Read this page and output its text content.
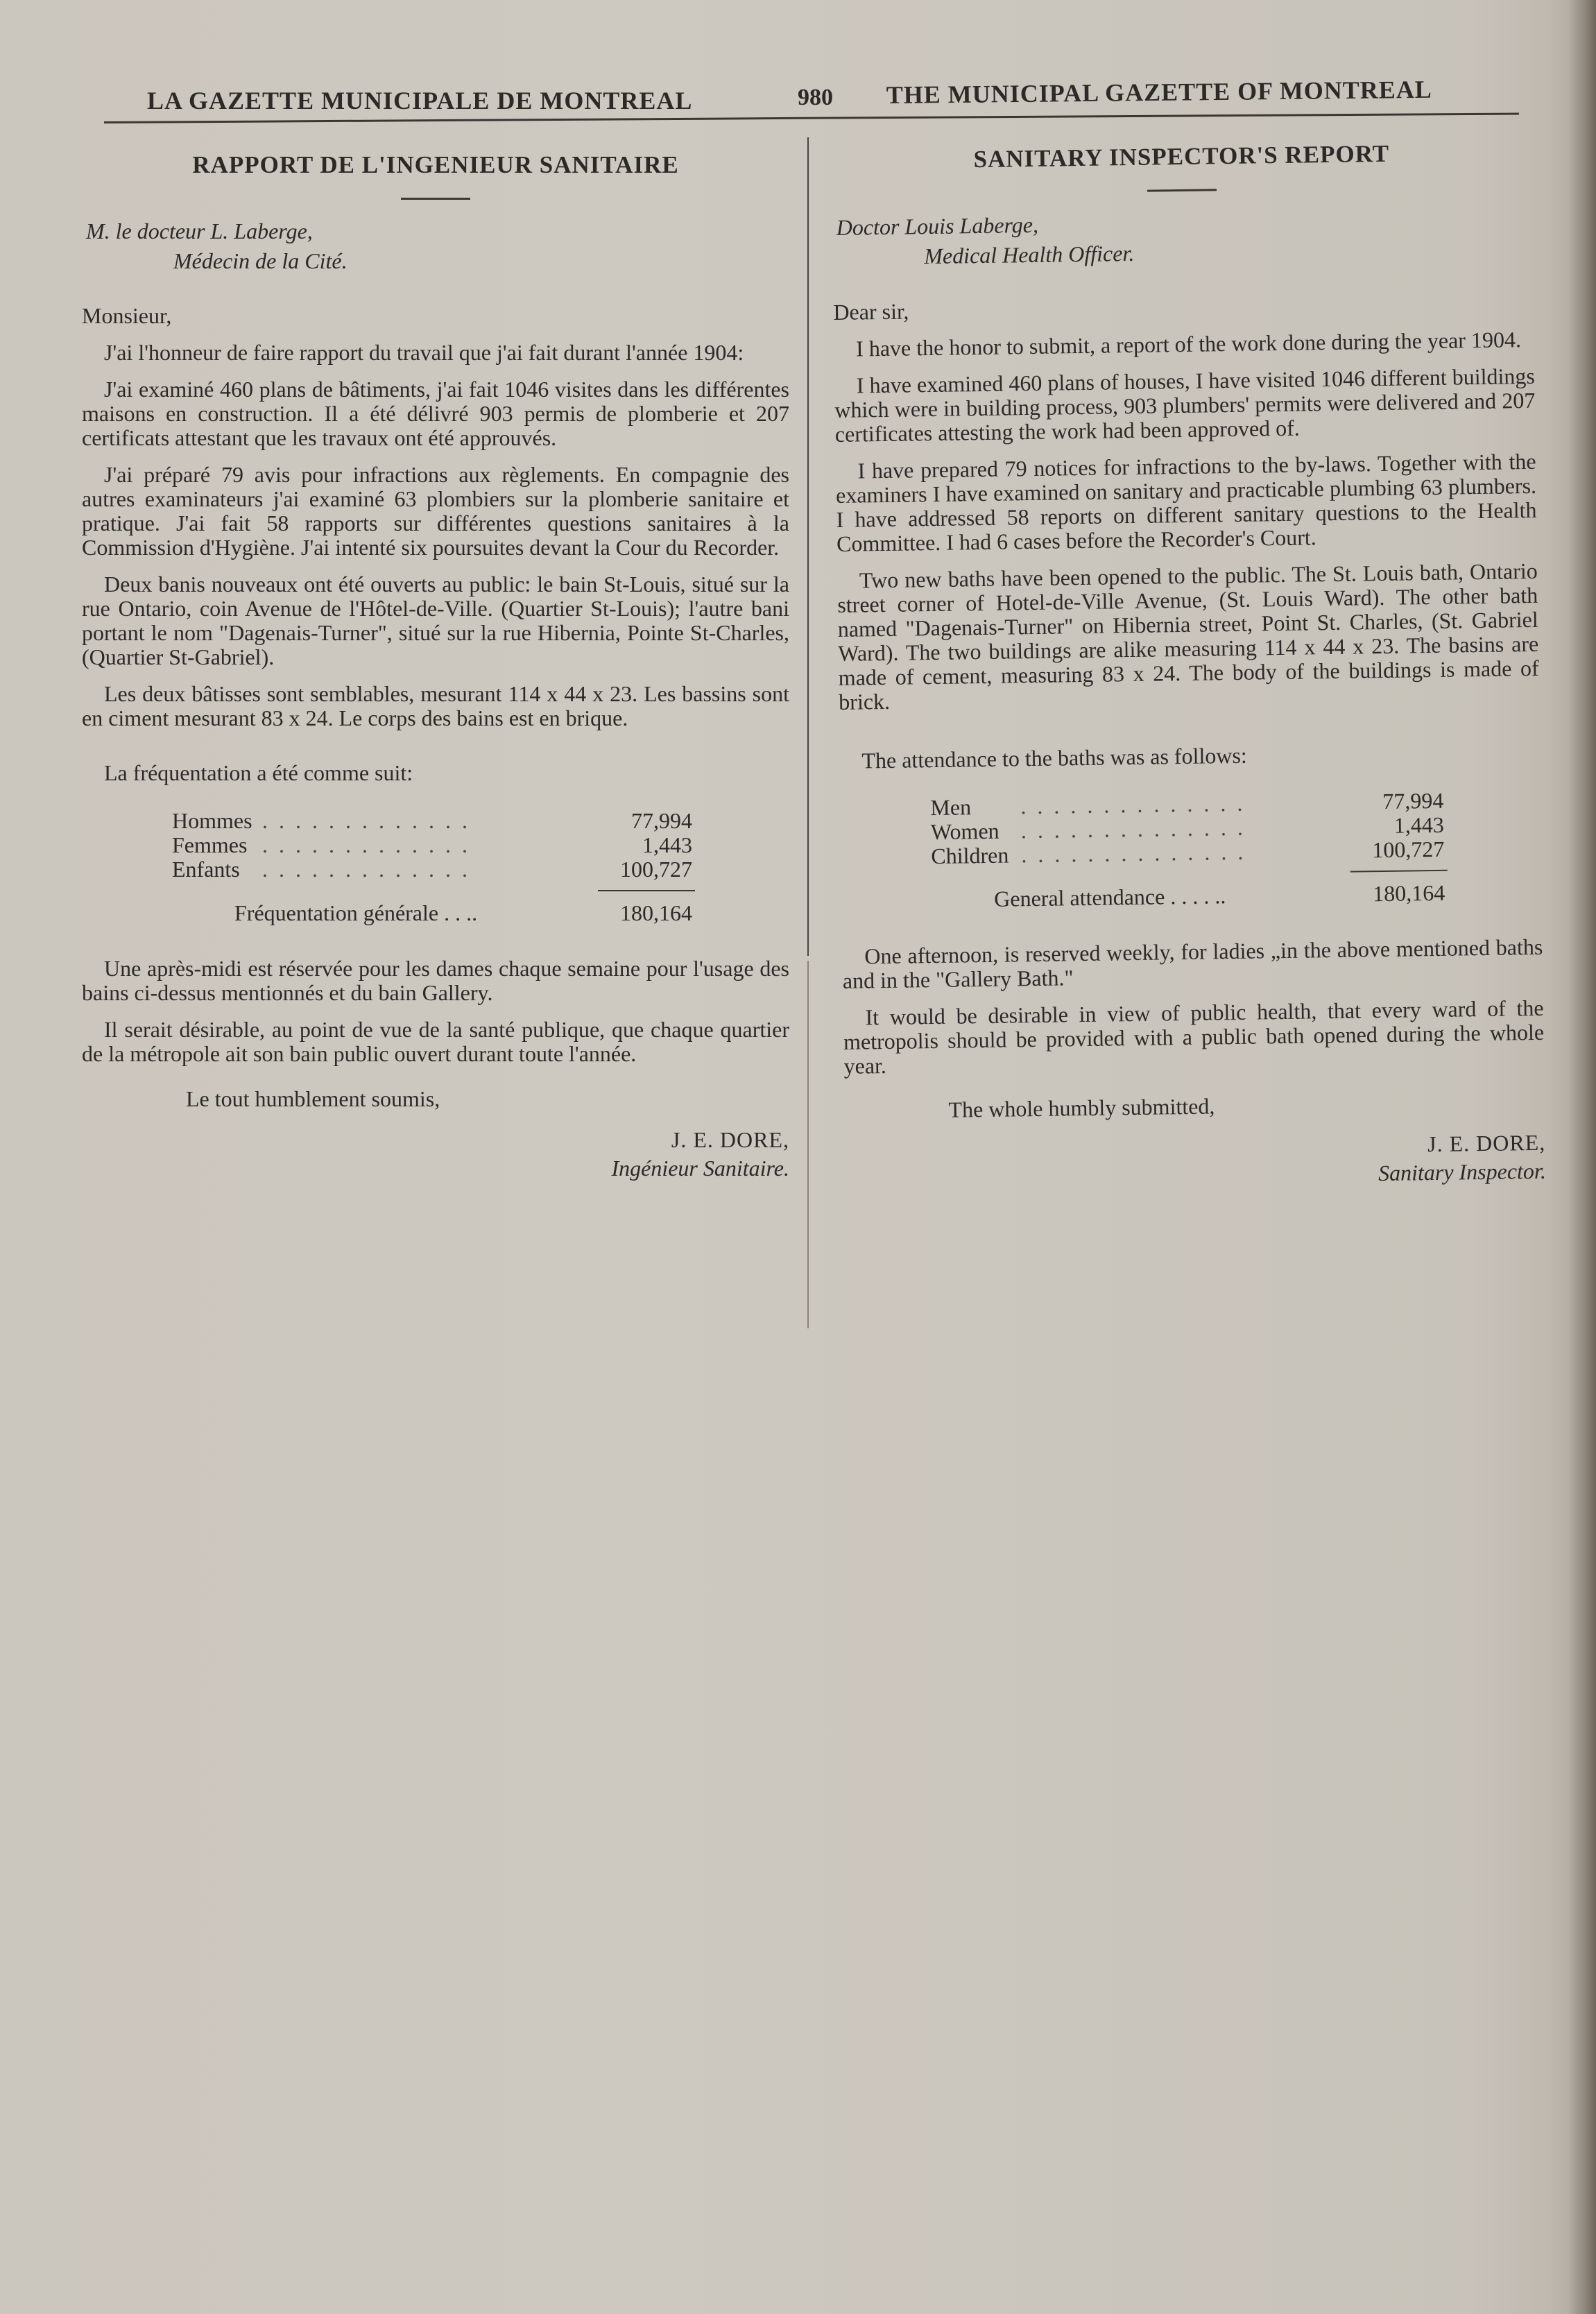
LA GAZETTE MUNICIPALE DE MONTREAL	980 THE MUNICIPAL GAZETTE OF MONTREAL
RAPPORT DE L'INGENIEUR SANITAIRE
M. le docteur L. Laberge,
Médecin de la Cité.

Monsieur,

J'ai l'honneur de faire rapport du travail que j'ai fait durant l'année 1904:

J'ai examiné 460 plans de bâtiments, j'ai fait 1046 visites dans les différentes maisons en construction. Il a été délivré 903 permis de plomberie et 207 certificats attestant que les travaux ont été approuvés.

J'ai préparé 79 avis pour infractions aux règlements. En compagnie des autres examinateurs j'ai examiné 63 plombiers sur la plomberie sanitaire et pratique. J'ai fait 58 rapports sur différentes questions sanitaires à la Commission d'Hygiène. J'ai intenté six poursuites devant la Cour du Recorder.

Deux banis nouveaux ont été ouverts au public: le bain St-Louis, situé sur la rue Ontario, coin Avenue de l'Hôtel-de-Ville. (Quartier St-Louis); l'autre bani portant le nom "Dagenais-Turner", situé sur la rue Hibernia, Pointe St-Charles, (Quartier St-Gabriel).

Les deux bâtisses sont semblables, mesurant 114 x 44 x 23. Les bassins sont en ciment mesurant 83 x 24. Le corps des bains est en brique.

La fréquentation a été comme suit:

Hommes . . . . . . . . . . . . .	77,994
Femmes . . . . . . . . . . . . .	1,443
Enfants . . . . . . . . . . . . .	100,727
Fréquentation générale . . ..	180,164

Une après-midi est réservée pour les dames chaque semaine pour l'usage des bains ci-dessus mentionnés et du bain Gallery.

Il serait désirable, au point de vue de la santé publique, que chaque quartier de la métropole ait son bain public ouvert durant toute l'année.

Le tout humblement soumis,

J. E. DORE,
Ingénieur Sanitaire.
SANITARY INSPECTOR'S REPORT
Doctor Louis Laberge,
Medical Health Officer.

Dear sir,

I have the honor to submit, a report of the work done during the year 1904.

I have examined 460 plans of houses, I have visited 1046 different buildings which were in building process, 903 plumbers' permits were delivered and 207 certificates attesting the work had been approved of.

I have prepared 79 notices for infractions to the by-laws. Together with the examiners I have examined on sanitary and practicable plumbing 63 plumbers. I have addressed 58 reports on different sanitary questions to the Health Committee. I had 6 cases before the Recorder's Court.

Two new baths have been opened to the public. The St. Louis bath, Ontario street corner of Hotel-de-Ville Avenue, (St. Louis Ward). The other bath named "Dagenais-Turner" on Hibernia street, Point St. Charles, (St. Gabriel Ward). The two buildings are alike measuring 114 x 44 x 23. The basins are made of cement, measuring 83 x 24. The body of the buildings is made of brick.

The attendance to the baths was as follows:

Men . . . . . . . . . . . . . .	77,994
Women . . . . . . . . . . . . . .	1,443
Children . . . . . . . . . . . . . .	100,727
General attendance . . . . ..	180,164

One afternoon, is reserved weekly, for ladies „in the above mentioned baths and in the "Gallery Bath."

It would be desirable in view of public health, that every ward of the metropolis should be provided with a public bath opened during the whole year.

The whole humbly submitted,

J. E. DORE,
Sanitary Inspector.
